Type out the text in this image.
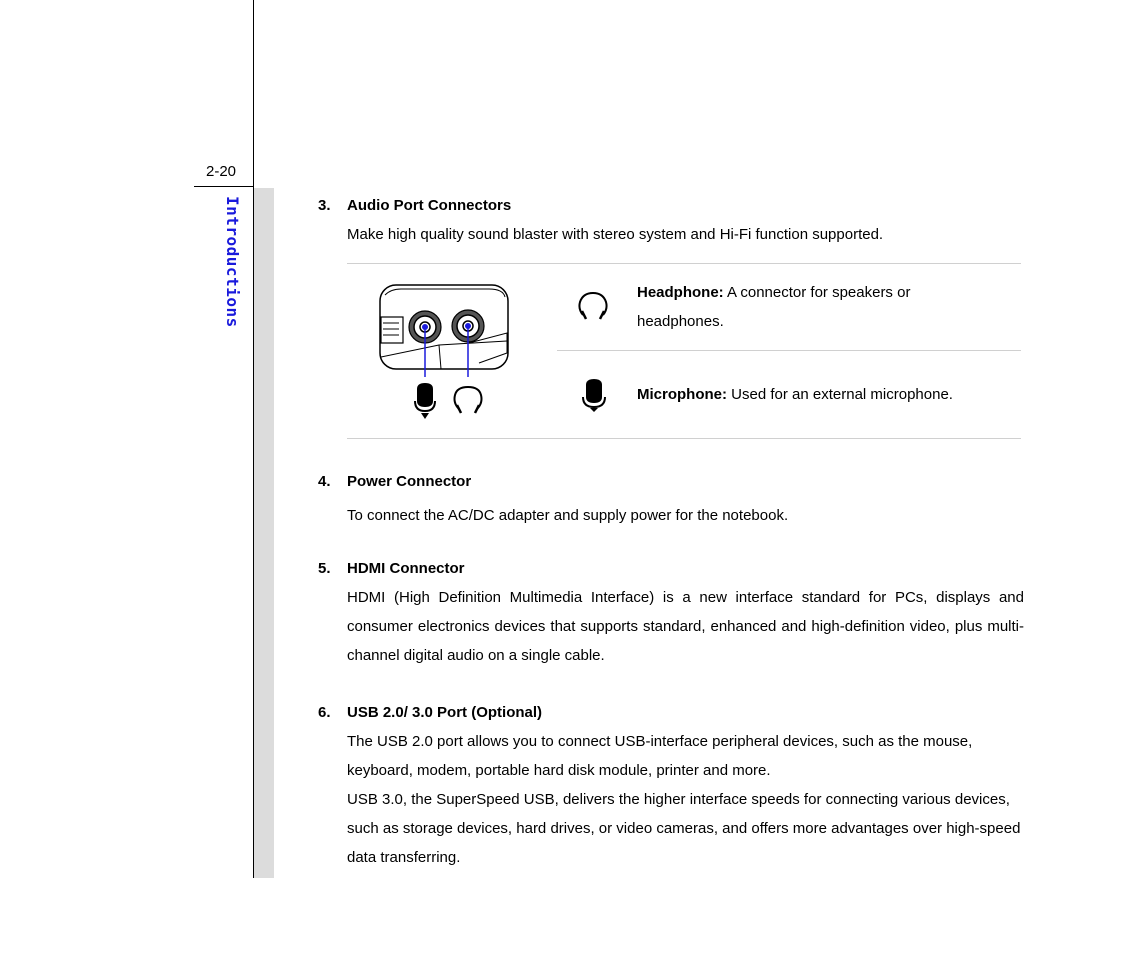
2-20
Introductions	3. Audio Port Connectors
Make high quality sound blaster with stereo system and Hi-Fi function supported.
Headphone: A connector for speakers or headphones.
Microphone: Used for an external microphone.
4. Power Connector
To connect the AC/DC adapter and supply power for the notebook.
5. HDMI Connector
HDMI (High Definition Multimedia Interface) is a new interface standard for PCs, displays and consumer electronics devices that supports standard, enhanced and high-definition video, plus multi-channel digital audio on a single cable.
6. USB 2.0/ 3.0 Port (Optional)
The USB 2.0 port allows you to connect USB-interface peripheral devices, such as the mouse, keyboard, modem, portable hard disk module, printer and more.
USB 3.0, the SuperSpeed USB, delivers the higher interface speeds for connecting various devices, such as storage devices, hard drives, or video cameras, and offers more advantages over high-speed data transferring.
